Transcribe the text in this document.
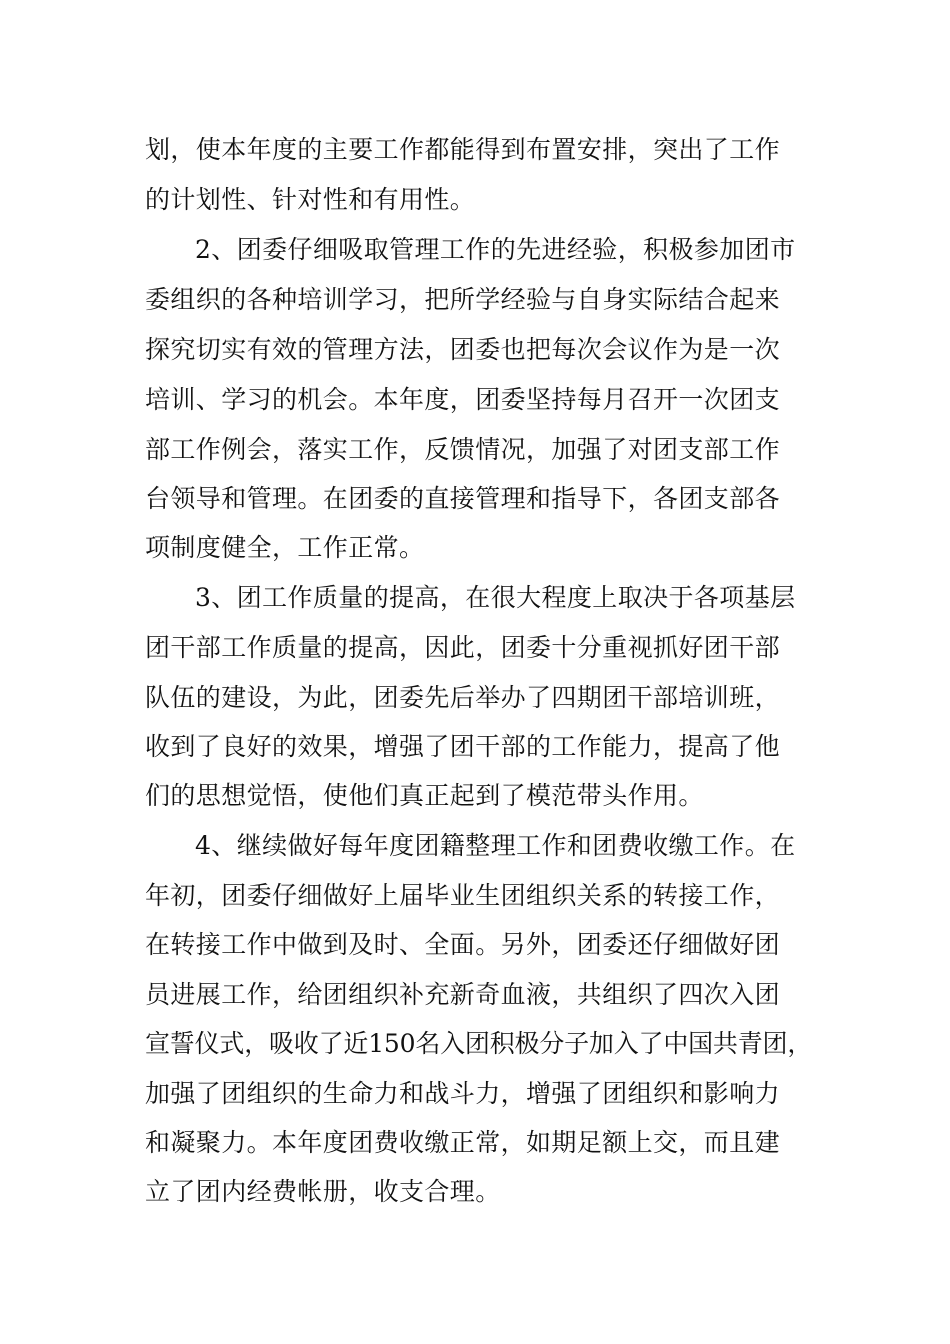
划，使本年度的主要工作都能得到布置安排，突出了工作
的计划性、针对性和有用性。
2、团委仔细吸取管理工作的先进经验，积极参加团市
委组织的各种培训学习，把所学经验与自身实际结合起来
探究切实有效的管理方法，团委也把每次会议作为是一次
培训、学习的机会。本年度，团委坚持每月召开一次团支
部工作例会，落实工作，反馈情况，加强了对团支部工作
台领导和管理。在团委的直接管理和指导下，各团支部各
项制度健全，工作正常。
3、团工作质量的提高，在很大程度上取决于各项基层
团干部工作质量的提高，因此，团委十分重视抓好团干部
队伍的建设，为此，团委先后举办了四期团干部培训班，
收到了良好的效果，增强了团干部的工作能力，提高了他
们的思想觉悟，使他们真正起到了模范带头作用。
4、继续做好每年度团籍整理工作和团费收缴工作。在
年初，团委仔细做好上届毕业生团组织关系的转接工作，
在转接工作中做到及时、全面。另外，团委还仔细做好团
员进展工作，给团组织补充新奇血液，共组织了四次入团
宣誓仪式，吸收了近150名入团积极分子加入了中国共青团，
加强了团组织的生命力和战斗力，增强了团组织和影响力
和凝聚力。本年度团费收缴正常，如期足额上交，而且建
立了团内经费帐册，收支合理。
